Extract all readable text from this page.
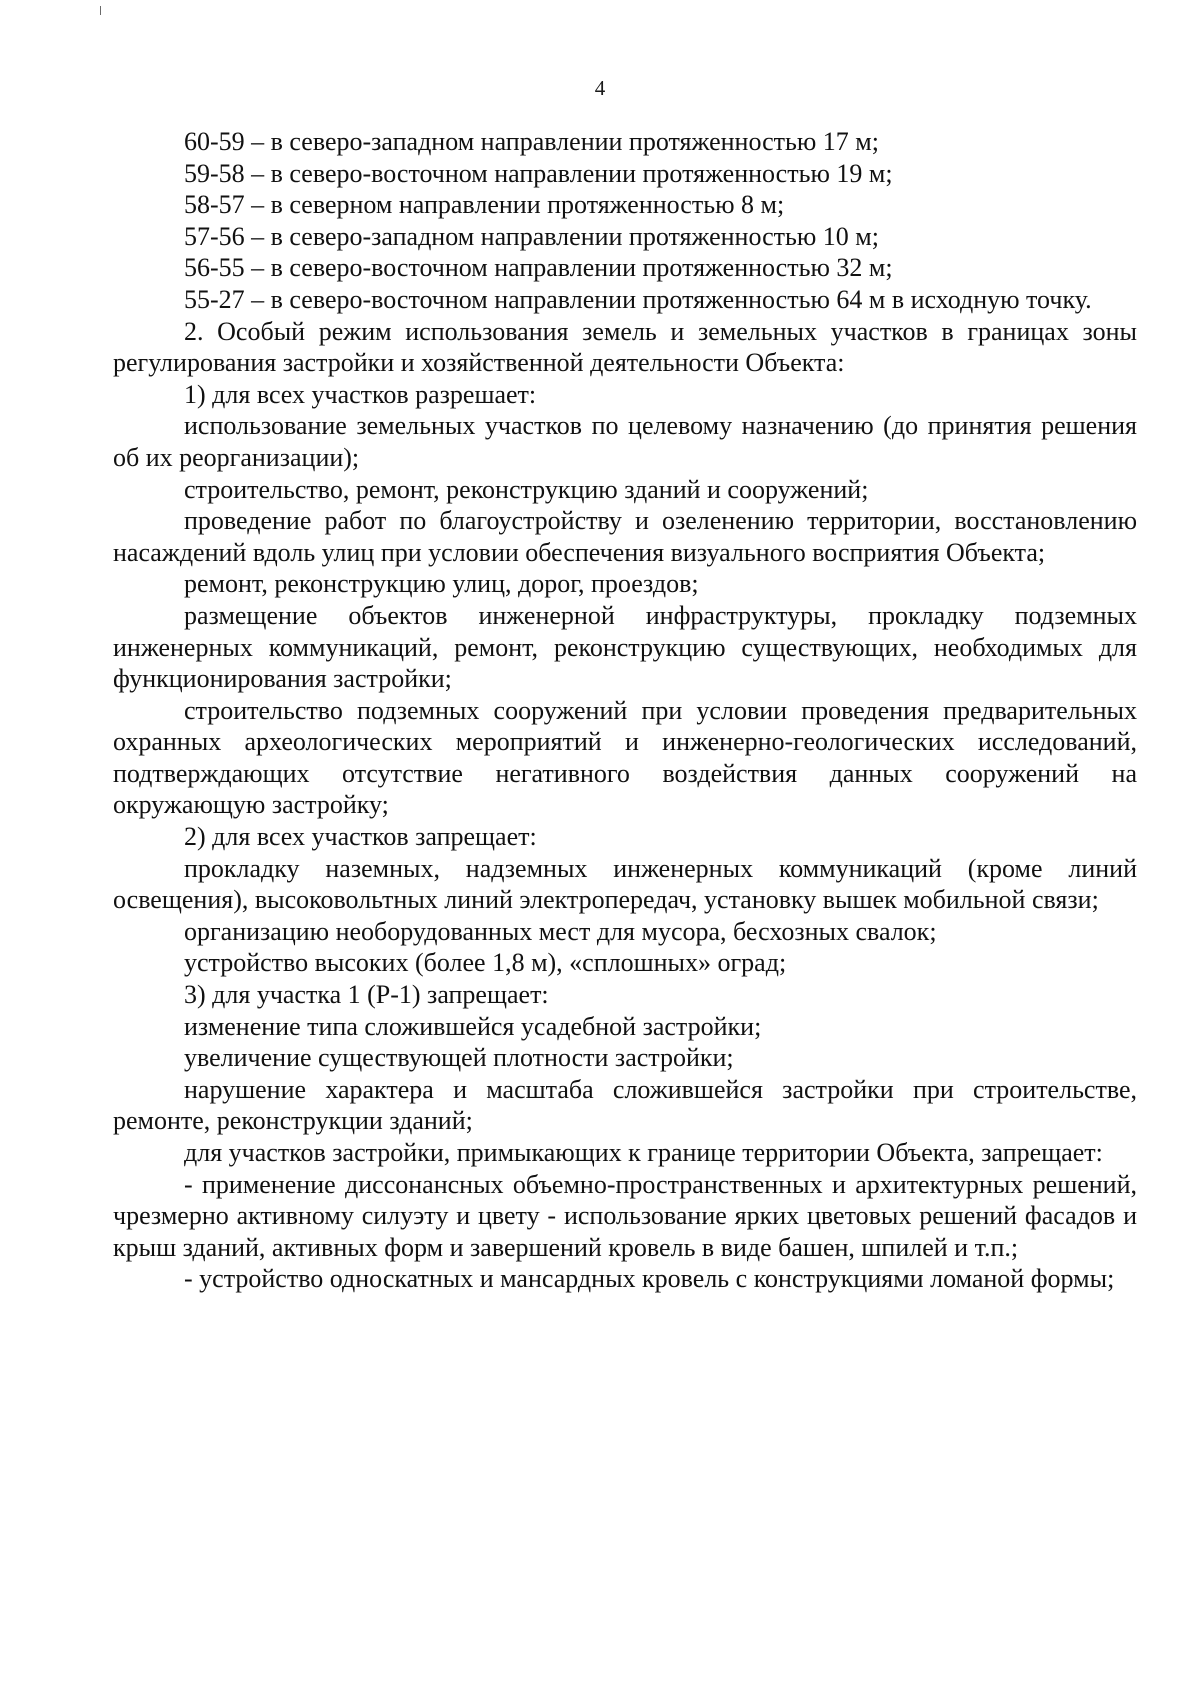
4

60-59 – в северо-западном направлении протяженностью 17 м;

59-58 – в северо-восточном направлении протяженностью 19 м;

58-57 – в северном направлении протяженностью 8 м;

57-56 – в северо-западном направлении протяженностью 10 м;

56-55 – в северо-восточном направлении протяженностью 32 м;

55-27 – в северо-восточном направлении протяженностью 64 м в исходную точку.

2. Особый режим использования земель и земельных участков в границах зоны регулирования застройки и хозяйственной деятельности Объекта:

1) для всех участков разрешает:

использование земельных участков по целевому назначению (до принятия решения об их реорганизации);

строительство, ремонт, реконструкцию зданий и сооружений;

проведение работ по благоустройству и озеленению территории, восстановлению насаждений вдоль улиц при условии обеспечения визуального восприятия Объекта;

ремонт, реконструкцию улиц, дорог, проездов;

размещение объектов инженерной инфраструктуры, прокладку подземных инженерных коммуникаций, ремонт, реконструкцию существующих, необходимых для функционирования застройки;

строительство подземных сооружений при условии проведения предварительных охранных археологических мероприятий и инженерно-геологических исследований, подтверждающих отсутствие негативного воздействия данных сооружений на окружающую застройку;

2) для всех участков запрещает:

прокладку наземных, надземных инженерных коммуникаций (кроме линий освещения), высоковольтных линий электропередач, установку вышек мобильной связи;

организацию необорудованных мест для мусора, бесхозных свалок;

устройство высоких (более 1,8 м), «сплошных» оград;

3) для участка 1 (Р-1) запрещает:

изменение типа сложившейся усадебной застройки;

увеличение существующей плотности застройки;

нарушение характера и масштаба сложившейся застройки при строительстве, ремонте, реконструкции зданий;

для участков застройки, примыкающих к границе территории Объекта, запрещает:

- применение диссонансных объемно-пространственных и архитектурных решений, чрезмерно активному силуэту и цвету - использование ярких цветовых решений фасадов и крыш зданий, активных форм и завершений кровель в виде башен, шпилей и т.п.;

- устройство односкатных и мансардных кровель с конструкциями ломаной формы;
